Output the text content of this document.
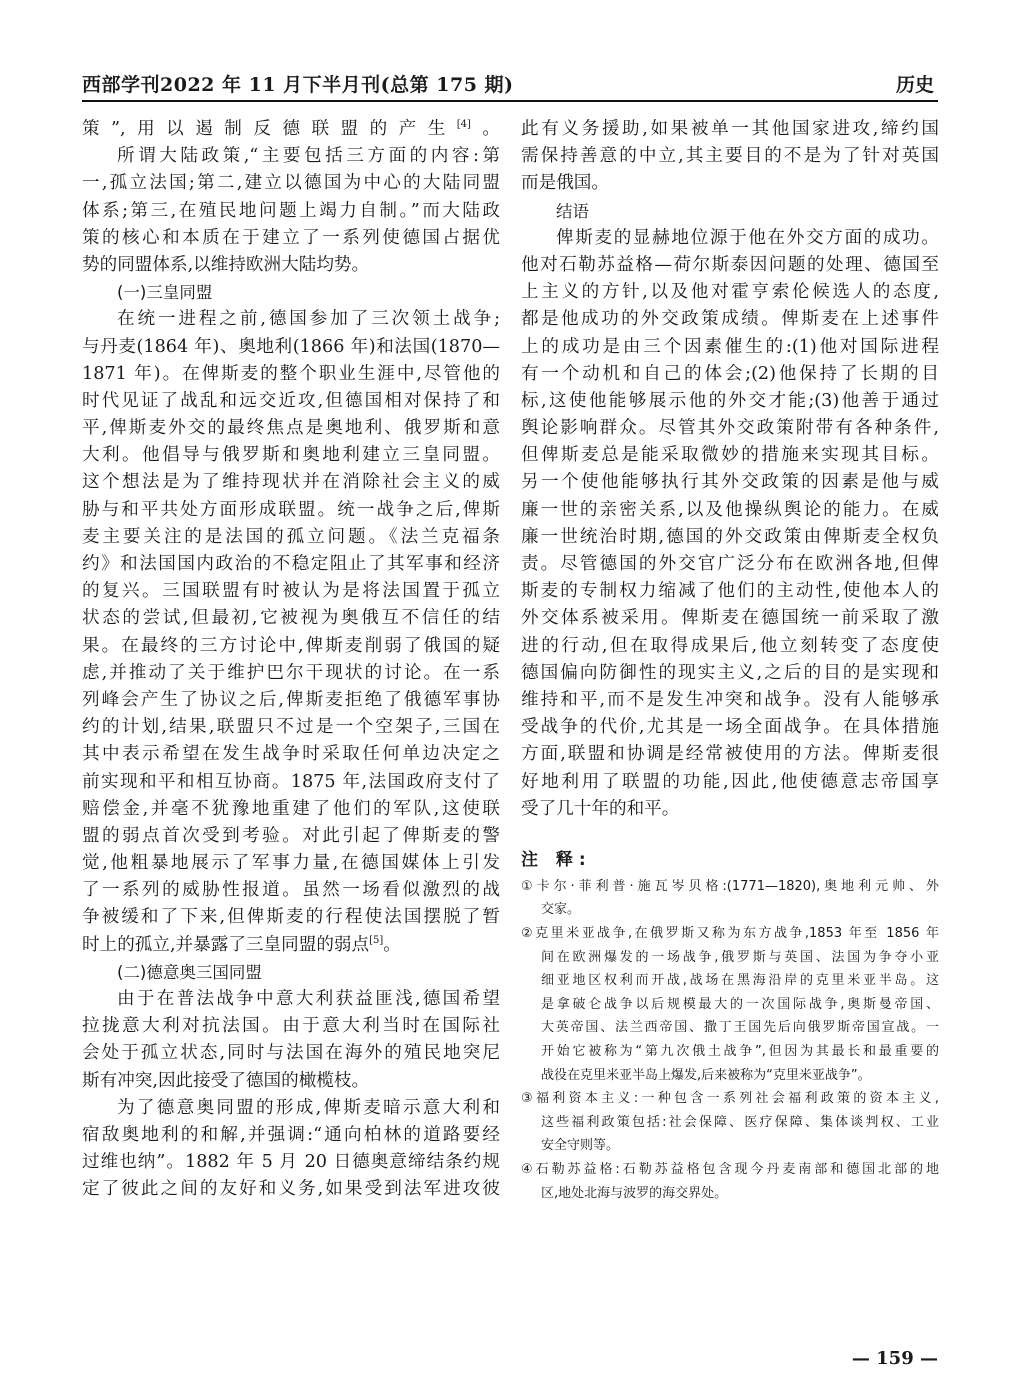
西部学刊2022 年 11 月下半月刊(总第 175 期)	历史
策”,用以遏制反德联盟的产生[4]。
所谓大陆政策,“主要包括三方面的内容:第
一,孤立法国;第二,建立以德国为中心的大陆同盟
体系;第三,在殖民地问题上竭力自制。”而大陆政
策的核心和本质在于建立了一系列使德国占据优
势的同盟体系,以维持欧洲大陆均势。
(一)三皇同盟
在统一进程之前,德国参加了三次领土战争;
与丹麦(1864 年)、奥地利(1866 年)和法国(1870—
1871 年)。在俾斯麦的整个职业生涯中,尽管他的
时代见证了战乱和远交近攻,但德国相对保持了和
平,俾斯麦外交的最终焦点是奥地利、俄罗斯和意
大利。他倡导与俄罗斯和奥地利建立三皇同盟。
这个想法是为了维持现状并在消除社会主义的威
胁与和平共处方面形成联盟。统一战争之后,俾斯
麦主要关注的是法国的孤立问题。《法兰克福条
约》和法国国内政治的不稳定阻止了其军事和经济
的复兴。三国联盟有时被认为是将法国置于孤立
状态的尝试,但最初,它被视为奥俄互不信任的结
果。在最终的三方讨论中,俾斯麦削弱了俄国的疑
虑,并推动了关于维护巴尔干现状的讨论。在一系
列峰会产生了协议之后,俾斯麦拒绝了俄德军事协
约的计划,结果,联盟只不过是一个空架子,三国在
其中表示希望在发生战争时采取任何单边决定之
前实现和平和相互协商。1875 年,法国政府支付了
赔偿金,并毫不犹豫地重建了他们的军队,这使联
盟的弱点首次受到考验。对此引起了俾斯麦的警
觉,他粗暴地展示了军事力量,在德国媒体上引发
了一系列的威胁性报道。虽然一场看似激烈的战
争被缓和了下来,但俾斯麦的行程使法国摆脱了暂
时上的孤立,并暴露了三皇同盟的弱点[5]。
(二)德意奥三国同盟
由于在普法战争中意大利获益匪浅,德国希望
拉拢意大利对抗法国。由于意大利当时在国际社
会处于孤立状态,同时与法国在海外的殖民地突尼
斯有冲突,因此接受了德国的橄榄枝。
为了德意奥同盟的形成,俾斯麦暗示意大利和
宿敌奥地利的和解,并强调:“通向柏林的道路要经
过维也纳”。1882 年 5 月 20 日德奥意缔结条约规
定了彼此之间的友好和义务,如果受到法军进攻彼
此有义务援助,如果被单一其他国家进攻,缔约国
需保持善意的中立,其主要目的不是为了针对英国
而是俄国。
结语
俾斯麦的显赫地位源于他在外交方面的成功。
他对石勒苏益格—荷尔斯泰因问题的处理、德国至
上主义的方针,以及他对霍亨索伦候选人的态度,
都是他成功的外交政策成绩。俾斯麦在上述事件
上的成功是由三个因素催生的:(1)他对国际进程
有一个动机和自己的体会;(2)他保持了长期的目
标,这使他能够展示他的外交才能;(3)他善于通过
舆论影响群众。尽管其外交政策附带有各种条件,
但俾斯麦总是能采取微妙的措施来实现其目标。
另一个使他能够执行其外交政策的因素是他与威
廉一世的亲密关系,以及他操纵舆论的能力。在威
廉一世统治时期,德国的外交政策由俾斯麦全权负
责。尽管德国的外交官广泛分布在欧洲各地,但俾
斯麦的专制权力缩减了他们的主动性,使他本人的
外交体系被采用。俾斯麦在德国统一前采取了激
进的行动,但在取得成果后,他立刻转变了态度使
德国偏向防御性的现实主义,之后的目的是实现和
维持和平,而不是发生冲突和战争。没有人能够承
受战争的代价,尤其是一场全面战争。在具体措施
方面,联盟和协调是经常被使用的方法。俾斯麦很
好地利用了联盟的功能,因此,他使德意志帝国享
受了几十年的和平。
注 释:
①卡尔·菲利普·施瓦岑贝格:(1771—1820),奥地利元帅、外
交家。
②克里米亚战争,在俄罗斯又称为东方战争,1853 年至 1856 年
间在欧洲爆发的一场战争,俄罗斯与英国、法国为争夺小亚
细亚地区权利而开战,战场在黑海沿岸的克里米亚半岛。这
是拿破仑战争以后规模最大的一次国际战争,奥斯曼帝国、
大英帝国、法兰西帝国、撒丁王国先后向俄罗斯帝国宣战。一
开始它被称为“第九次俄土战争”,但因为其最长和最重要的
战役在克里米亚半岛上爆发,后来被称为“克里米亚战争”。
③福利资本主义:一种包含一系列社会福利政策的资本主义,
这些福利政策包括:社会保障、医疗保障、集体谈判权、工业
安全守则等。
④石勒苏益格:石勒苏益格包含现今丹麦南部和德国北部的地
区,地处北海与波罗的海交界处。
— 159 —
